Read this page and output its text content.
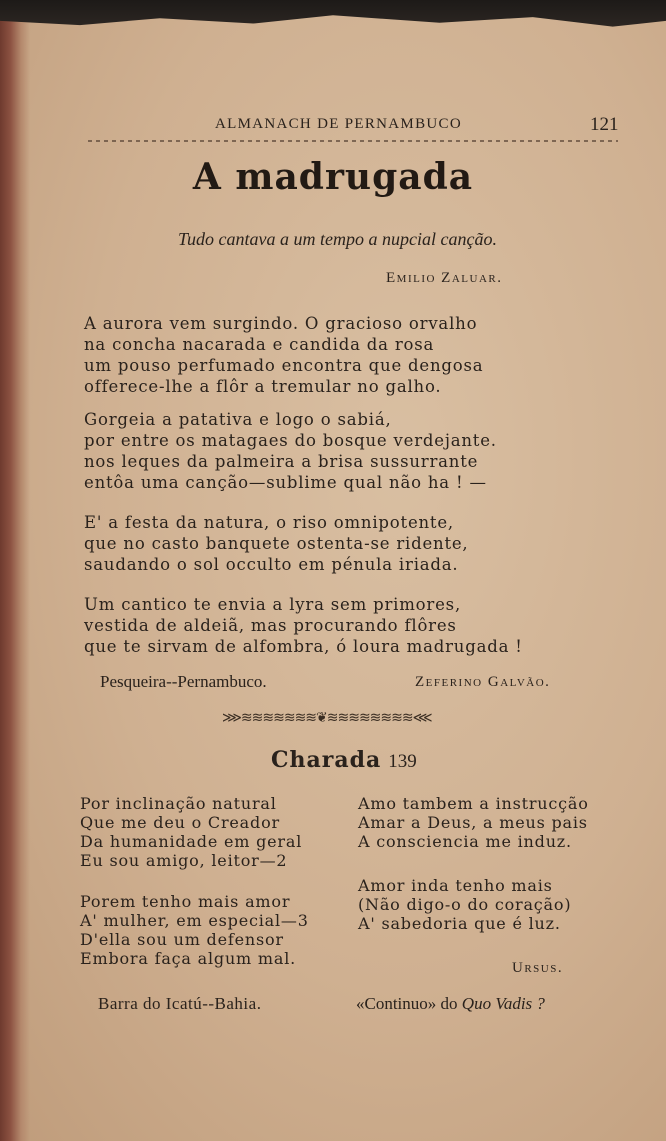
ALMANACH DE PERNAMBUCO	121
A madrugada
Tudo cantava a um tempo a nupcial canção.
Emilio Zaluar.
A aurora vem surgindo. O gracioso orvalho
na concha nacarada e candida da rosa
um pouso perfumado encontra que dengosa
offerece-lhe a flôr a tremular no galho.
Gorgeia a patativa e logo o sabiá,
por entre os matagaes do bosque verdejante.
nos leques da palmeira a brisa sussurrante
entôa uma canção—sublime qual não ha ! —
E' a festa da natura, o riso omnipotente,
que no casto banquete ostenta-se ridente,
saudando o sol occulto em pénula iriada.
Um cantico te envia a lyra sem primores,
vestida de aldeiã, mas procurando flôres
que te sirvam de alfombra, ó loura madrugada !
Pesqueira--Pernambuco.	Zeferino Galvão.
⋙≋≋≋≋≋≋≋❦≋≋≋≋≋≋≋≋⋘
Charada 139
Por inclinação natural
Que me deu o Creador
Da humanidade em geral
Eu sou amigo, leitor—2
Porem tenho mais amor
A' mulher, em especial—3
D'ella sou um defensor
Embora faça algum mal.
Amo tambem a instrucção
Amar a Deus, a meus pais
A consciencia me induz.
Amor inda tenho mais
(Não digo-o do coração)
A' sabedoria que é luz.
Ursus.
Barra do Icatú--Bahia.	«Continuo» do Quo Vadis ?
